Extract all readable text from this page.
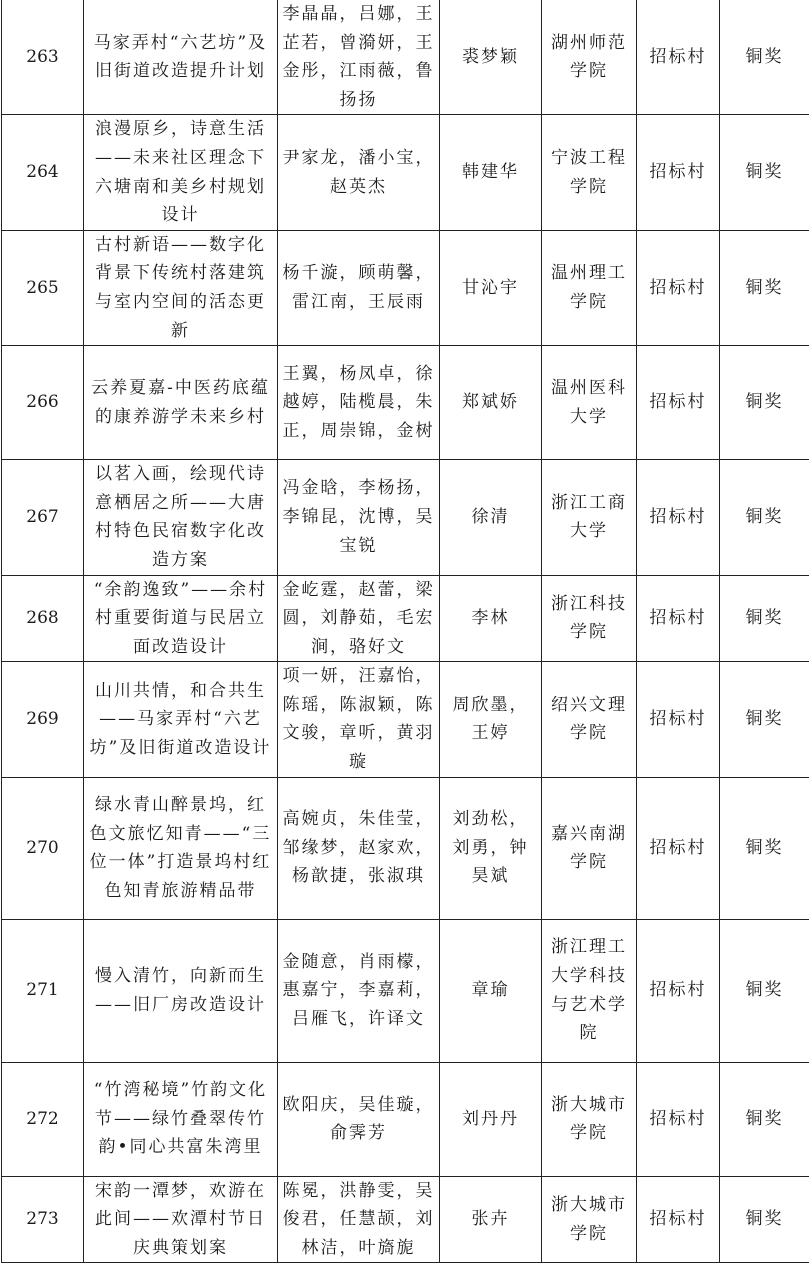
263	马家弄村“六艺坊”及旧街道改造提升计划	李晶晶，吕娜，王芷若，曾漪妍，王金彤，江雨薇，鲁扬扬	裘梦颖	湖州师范学院	招标村	铜奖
264	浪漫原乡，诗意生活——未来社区理念下六塘南和美乡村规划设计	尹家龙，潘小宝，赵英杰	韩建华	宁波工程学院	招标村	铜奖
265	古村新语——数字化背景下传统村落建筑与室内空间的活态更新	杨千漩，顾萌馨，雷江南，王辰雨	甘沁宇	温州理工学院	招标村	铜奖
266	云养夏嘉-中医药底蕴的康养游学未来乡村	王翼，杨凤卓，徐越婷，陆榄晨，朱正，周崇锦，金树	郑斌娇	温州医科大学	招标村	铜奖
267	以茗入画，绘现代诗意栖居之所——大唐村特色民宿数字化改造方案	冯金晗，李杨扬，李锦昆，沈博，吴宝锐	徐清	浙江工商大学	招标村	铜奖
268	“余韵逸致”——余村村重要街道与民居立面改造设计	金屹霆，赵蕾，梁圆，刘静茹，毛宏涧，骆好文	李林	浙江科技学院	招标村	铜奖
269	山川共情，和合共生——马家弄村“六艺坊”及旧街道改造设计	项一妍，汪嘉怡，陈瑶，陈淑颖，陈文骏，章听，黄羽璇	周欣墨，王婷	绍兴文理学院	招标村	铜奖
270	绿水青山醉景坞，红色文旅忆知青——“三位一体”打造景坞村红色知青旅游精品带	高婉贞，朱佳莹，邹缘梦，赵家欢，杨歆捷，张淑琪	刘劲松，刘勇，钟昊斌	嘉兴南湖学院	招标村	铜奖
271	慢入清竹，向新而生——旧厂房改造设计	金随意，肖雨檬，惠嘉宁，李嘉莉，吕雁飞，许译文	章瑜	浙江理工大学科技与艺术学院	招标村	铜奖
272	“竹湾秘境”竹韵文化节——绿竹叠翠传竹韵•同心共富朱湾里	欧阳庆，吴佳璇，俞霁芳	刘丹丹	浙大城市学院	招标村	铜奖
273	宋韵一潭梦，欢游在此间——欢潭村节日庆典策划案	陈冕，洪静雯，吴俊君，任慧颉，刘林洁，叶旖旎	张卉	浙大城市学院	招标村	铜奖
